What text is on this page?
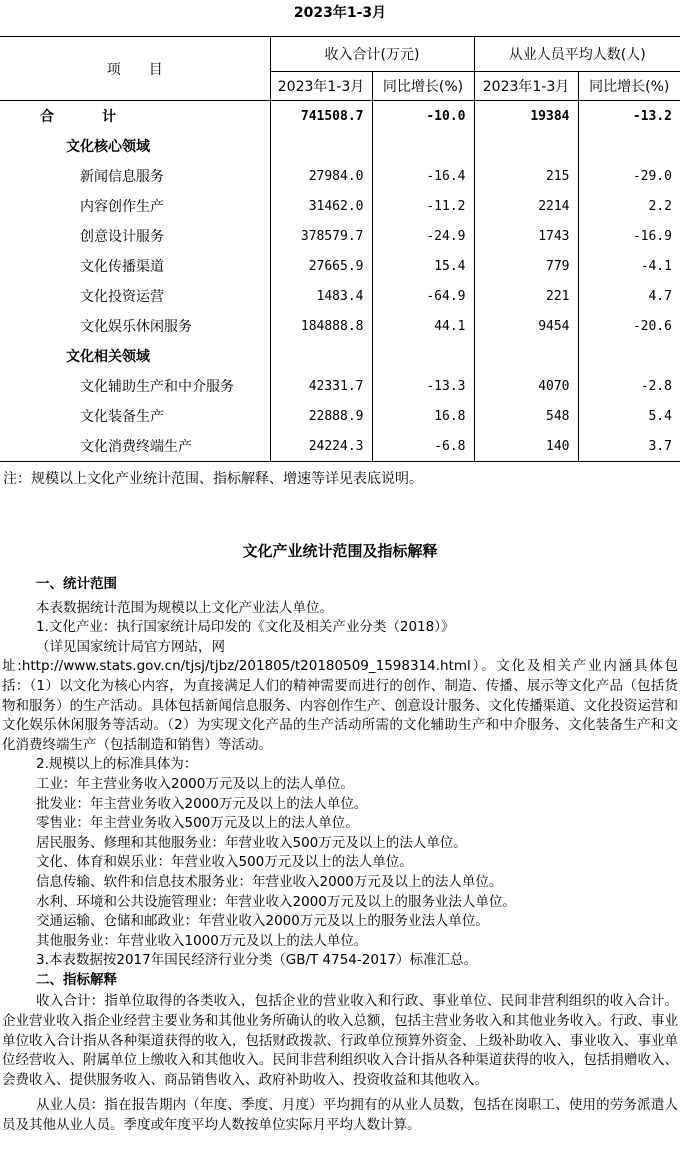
2023年1-3月
项　　目	收入合计(万元)		从业人员平均人数(人)	
	2023年1-3月	同比增长(%)	2023年1-3月	同比增长(%)
合 计	741508.7	-10.0	19384	-13.2
文化核心领域				
新闻信息服务	27984.0	-16.4	215	-29.0
内容创作生产	31462.0	-11.2	2214	2.2
创意设计服务	378579.7	-24.9	1743	-16.9
文化传播渠道	27665.9	15.4	779	-4.1
文化投资运营	1483.4	-64.9	221	4.7
文化娱乐休闲服务	184888.8	44.1	9454	-20.6
文化相关领域				
文化辅助生产和中介服务	42331.7	-13.3	4070	-2.8
文化装备生产	22888.9	16.8	548	5.4
文化消费终端生产	24224.3	-6.8	140	3.7
注：规模以上文化产业统计范围、指标解释、增速等详见表底说明。
文化产业统计范围及指标解释

一、统计范围

本表数据统计范围为规模以上文化产业法人单位。

1.文化产业：执行国家统计局印发的《文化及相关产业分类（2018）》

（详见国家统计局官方网站，网

址:http://www.stats.gov.cn/tjsj/tjbz/201805/t20180509_1598314.html）。文化及相关产业内涵具体包括：（1）以文化为核心内容，为直接满足人们的精神需要而进行的创作、制造、传播、展示等文化产品（包括货物和服务）的生产活动。具体包括新闻信息服务、内容创作生产、创意设计服务、文化传播渠道、文化投资运营和文化娱乐休闲服务等活动。（2）为实现文化产品的生产活动所需的文化辅助生产和中介服务、文化装备生产和文化消费终端生产（包括制造和销售）等活动。

2.规模以上的标准具体为：

工业：年主营业务收入2000万元及以上的法人单位。

批发业：年主营业务收入2000万元及以上的法人单位。

零售业：年主营业务收入500万元及以上的法人单位。

居民服务、修理和其他服务业：年营业收入500万元及以上的法人单位。

文化、体育和娱乐业：年营业收入500万元及以上的法人单位。

信息传输、软件和信息技术服务业：年营业收入2000万元及以上的法人单位。

水利、环境和公共设施管理业：年营业收入2000万元及以上的服务业法人单位。

交通运输、仓储和邮政业：年营业收入2000万元及以上的服务业法人单位。

其他服务业：年营业收入1000万元及以上的法人单位。

3.本表数据按2017年国民经济行业分类（GB/T 4754-2017）标准汇总。

二、指标解释

收入合计：指单位取得的各类收入，包括企业的营业收入和行政、事业单位、民间非营利组织的收入合计。企业营业收入指企业经营主要业务和其他业务所确认的收入总额，包括主营业务收入和其他业务收入。行政、事业单位收入合计指从各种渠道获得的收入，包括财政拨款、行政单位预算外资金、上级补助收入、事业收入、事业单位经营收入、附属单位上缴收入和其他收入。民间非营利组织收入合计指从各种渠道获得的收入，包括捐赠收入、会费收入、提供服务收入、商品销售收入、政府补助收入、投资收益和其他收入。

从业人员：指在报告期内（年度、季度、月度）平均拥有的从业人员数，包括在岗职工、使用的劳务派遣人员及其他从业人员。季度或年度平均人数按单位实际月平均人数计算。
